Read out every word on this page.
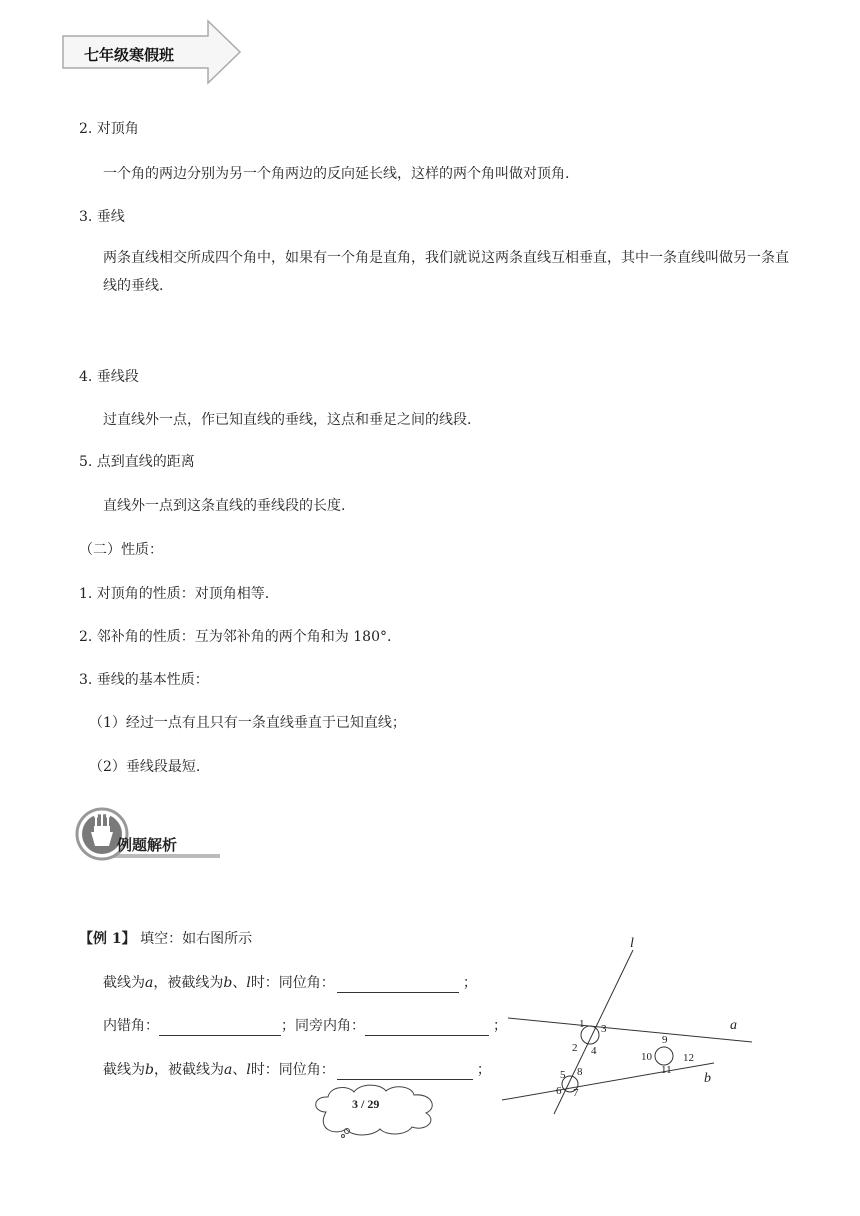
七年级寒假班
2. 对顶角
一个角的两边分别为另一个角两边的反向延长线，这样的两个角叫做对顶角.
3. 垂线
两条直线相交所成四个角中，如果有一个角是直角，我们就说这两条直线互相垂直，其中一条直线叫做另一条直线的垂线.
4. 垂线段
过直线外一点，作已知直线的垂线，这点和垂足之间的线段.
5. 点到直线的距离
直线外一点到这条直线的垂线段的长度.
（二）性质：
1. 对顶角的性质：对顶角相等.
2. 邻补角的性质：互为邻补角的两个角和为 180°.
3. 垂线的基本性质：
（1）经过一点有且只有一条直线垂直于已知直线；
（2）垂线段最短.
例题解析
【例 1】 填空：如右图所示
截线为a，被截线为b、l时：同位角：	；
内错角：	；同旁内角：	；
截线为b，被截线为a、l时：同位角：	；
l
a
b
1
2
3
4
5
6 7
8
9
10
11
12
3 / 29
